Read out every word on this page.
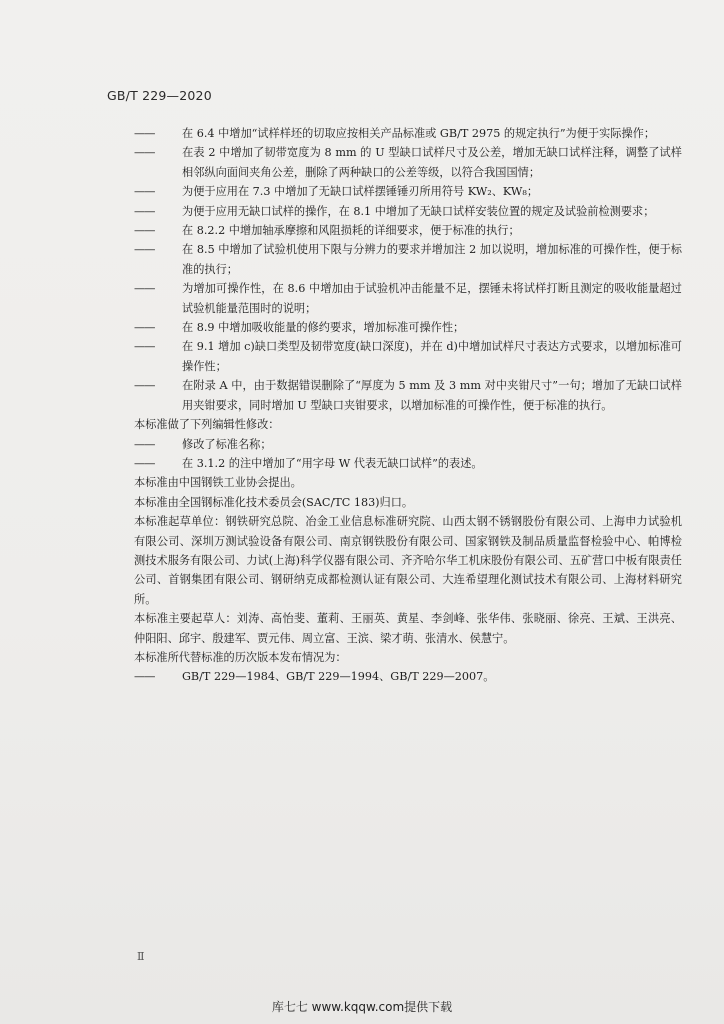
GB/T 229—2020

—— 在 6.4 中增加“试样样坯的切取应按相关产品标准或 GB/T 2975 的规定执行”为便于实际操作；

—— 在表 2 中增加了韧带宽度为 8 mm 的 U 型缺口试样尺寸及公差，增加无缺口试样注释，调整了试样相邻纵向面间夹角公差，删除了两种缺口的公差等级，以符合我国国情；

—— 为便于应用在 7.3 中增加了无缺口试样摆锤锤刃所用符号 KW₂、KW₈；

—— 为便于应用无缺口试样的操作，在 8.1 中增加了无缺口试样安装位置的规定及试验前检测要求；

—— 在 8.2.2 中增加轴承摩擦和风阻损耗的详细要求，便于标准的执行；

—— 在 8.5 中增加了试验机使用下限与分辨力的要求并增加注 2 加以说明，增加标准的可操作性，便于标准的执行；

—— 为增加可操作性，在 8.6 中增加由于试验机冲击能量不足，摆锤未将试样打断且测定的吸收能量超过试验机能量范围时的说明；

—— 在 8.9 中增加吸收能量的修约要求，增加标准可操作性；

—— 在 9.1 增加 c)缺口类型及韧带宽度(缺口深度)，并在 d)中增加试样尺寸表达方式要求，以增加标准可操作性；

—— 在附录 A 中，由于数据错误删除了“厚度为 5 mm 及 3 mm 对中夹钳尺寸”一句；增加了无缺口试样用夹钳要求，同时增加 U 型缺口夹钳要求，以增加标准的可操作性，便于标准的执行。

本标准做了下列编辑性修改：

—— 修改了标准名称；

—— 在 3.1.2 的注中增加了“用字母 W 代表无缺口试样”的表述。

本标准由中国钢铁工业协会提出。

本标准由全国钢标准化技术委员会(SAC/TC 183)归口。

本标准起草单位：钢铁研究总院、冶金工业信息标准研究院、山西太钢不锈钢股份有限公司、上海申力试验机有限公司、深圳万测试验设备有限公司、南京钢铁股份有限公司、国家钢铁及制品质量监督检验中心、帕博检测技术服务有限公司、力试(上海)科学仪器有限公司、齐齐哈尔华工机床股份有限公司、五矿营口中板有限责任公司、首钢集团有限公司、钢研纳克成都检测认证有限公司、大连希望理化测试技术有限公司、上海材料研究所。

本标准主要起草人：刘涛、高怡斐、董莉、王丽英、黄星、李剑峰、张华伟、张晓丽、徐亮、王斌、王洪亮、仲阳阳、邱宇、殷建军、贾元伟、周立富、王滨、梁才萌、张清水、侯慧宁。

本标准所代替标准的历次版本发布情况为：

—— GB/T 229—1984、GB/T 229—1994、GB/T 229—2007。

Ⅱ
库七七 www.kqqw.com提供下载
